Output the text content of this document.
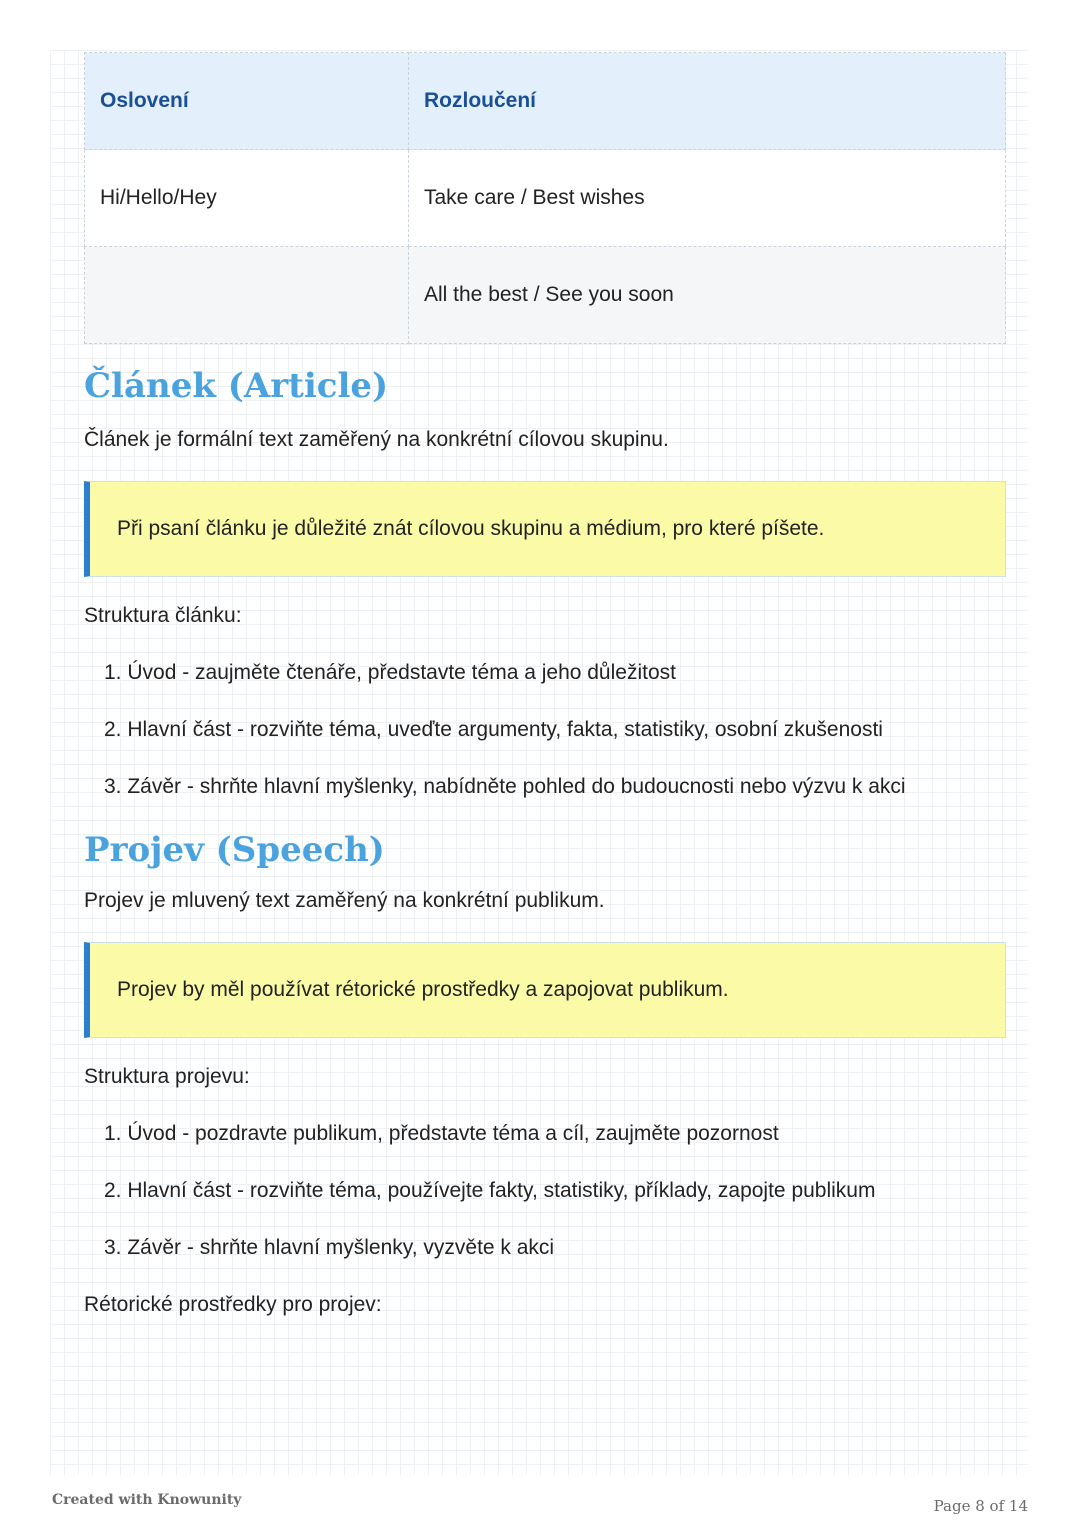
Oslovení	Rozloučení
Hi/Hello/Hey	Take care / Best wishes
	All the best / See you soon
Článek (Article)
Článek je formální text zaměřený na konkrétní cílovou skupinu.
Při psaní článku je důležité znát cílovou skupinu a médium, pro které píšete.
Struktura článku:
1. Úvod - zaujměte čtenáře, představte téma a jeho důležitost
2. Hlavní část - rozviňte téma, uveďte argumenty, fakta, statistiky, osobní zkušenosti
3. Závěr - shrňte hlavní myšlenky, nabídněte pohled do budoucnosti nebo výzvu k akci
Projev (Speech)
Projev je mluvený text zaměřený na konkrétní publikum.
Projev by měl používat rétorické prostředky a zapojovat publikum.
Struktura projevu:
1. Úvod - pozdravte publikum, představte téma a cíl, zaujměte pozornost
2. Hlavní část - rozviňte téma, používejte fakty, statistiky, příklady, zapojte publikum
3. Závěr - shrňte hlavní myšlenky, vyzvěte k akci
Rétorické prostředky pro projev:
Created with Knowunity	Page 8 of 14
